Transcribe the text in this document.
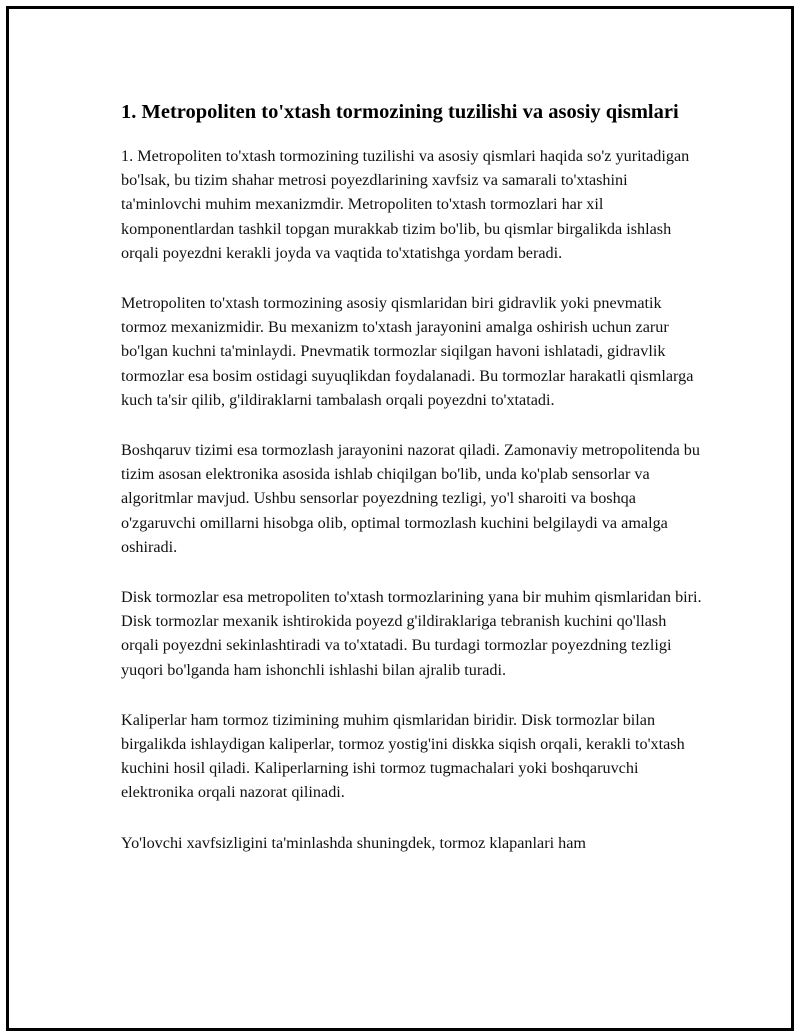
1. Metropoliten to'xtash tormozining tuzilishi va asosiy qismlari

1. Metropoliten to'xtash tormozining tuzilishi va asosiy qismlari haqida so'z yuritadigan bo'lsak, bu tizim shahar metrosi poyezdlarining xavfsiz va samarali to'xtashini ta'minlovchi muhim mexanizmdir. Metropoliten to'xtash tormozlari har xil komponentlardan tashkil topgan murakkab tizim bo'lib, bu qismlar birgalikda ishlash orqali poyezdni kerakli joyda va vaqtida to'xtatishga yordam beradi.

Metropoliten to'xtash tormozining asosiy qismlaridan biri gidravlik yoki pnevmatik tormoz mexanizmidir. Bu mexanizm to'xtash jarayonini amalga oshirish uchun zarur bo'lgan kuchni ta'minlaydi. Pnevmatik tormozlar siqilgan havoni ishlatadi, gidravlik tormozlar esa bosim ostidagi suyuqlikdan foydalanadi. Bu tormozlar harakatli qismlarga kuch ta'sir qilib, g'ildiraklarni tambalash orqali poyezdni to'xtatadi.

Boshqaruv tizimi esa tormozlash jarayonini nazorat qiladi. Zamonaviy metropolitenda bu tizim asosan elektronika asosida ishlab chiqilgan bo'lib, unda ko'plab sensorlar va algoritmlar mavjud. Ushbu sensorlar poyezdning tezligi, yo'l sharoiti va boshqa o'zgaruvchi omillarni hisobga olib, optimal tormozlash kuchini belgilaydi va amalga oshiradi.

Disk tormozlar esa metropoliten to'xtash tormozlarining yana bir muhim qismlaridan biri. Disk tormozlar mexanik ishtirokida poyezd g'ildiraklariga tebranish kuchini qo'llash orqali poyezdni sekinlashtiradi va to'xtatadi. Bu turdagi tormozlar poyezdning tezligi yuqori bo'lganda ham ishonchli ishlashi bilan ajralib turadi.

Kaliperlar ham tormoz tizimining muhim qismlaridan biridir. Disk tormozlar bilan birgalikda ishlaydigan kaliperlar, tormoz yostig'ini diskka siqish orqali, kerakli to'xtash kuchini hosil qiladi. Kaliperlarning ishi tormoz tugmachalari yoki boshqaruvchi elektronika orqali nazorat qilinadi.

Yo'lovchi xavfsizligini ta'minlashda shuningdek, tormoz klapanlari ham
